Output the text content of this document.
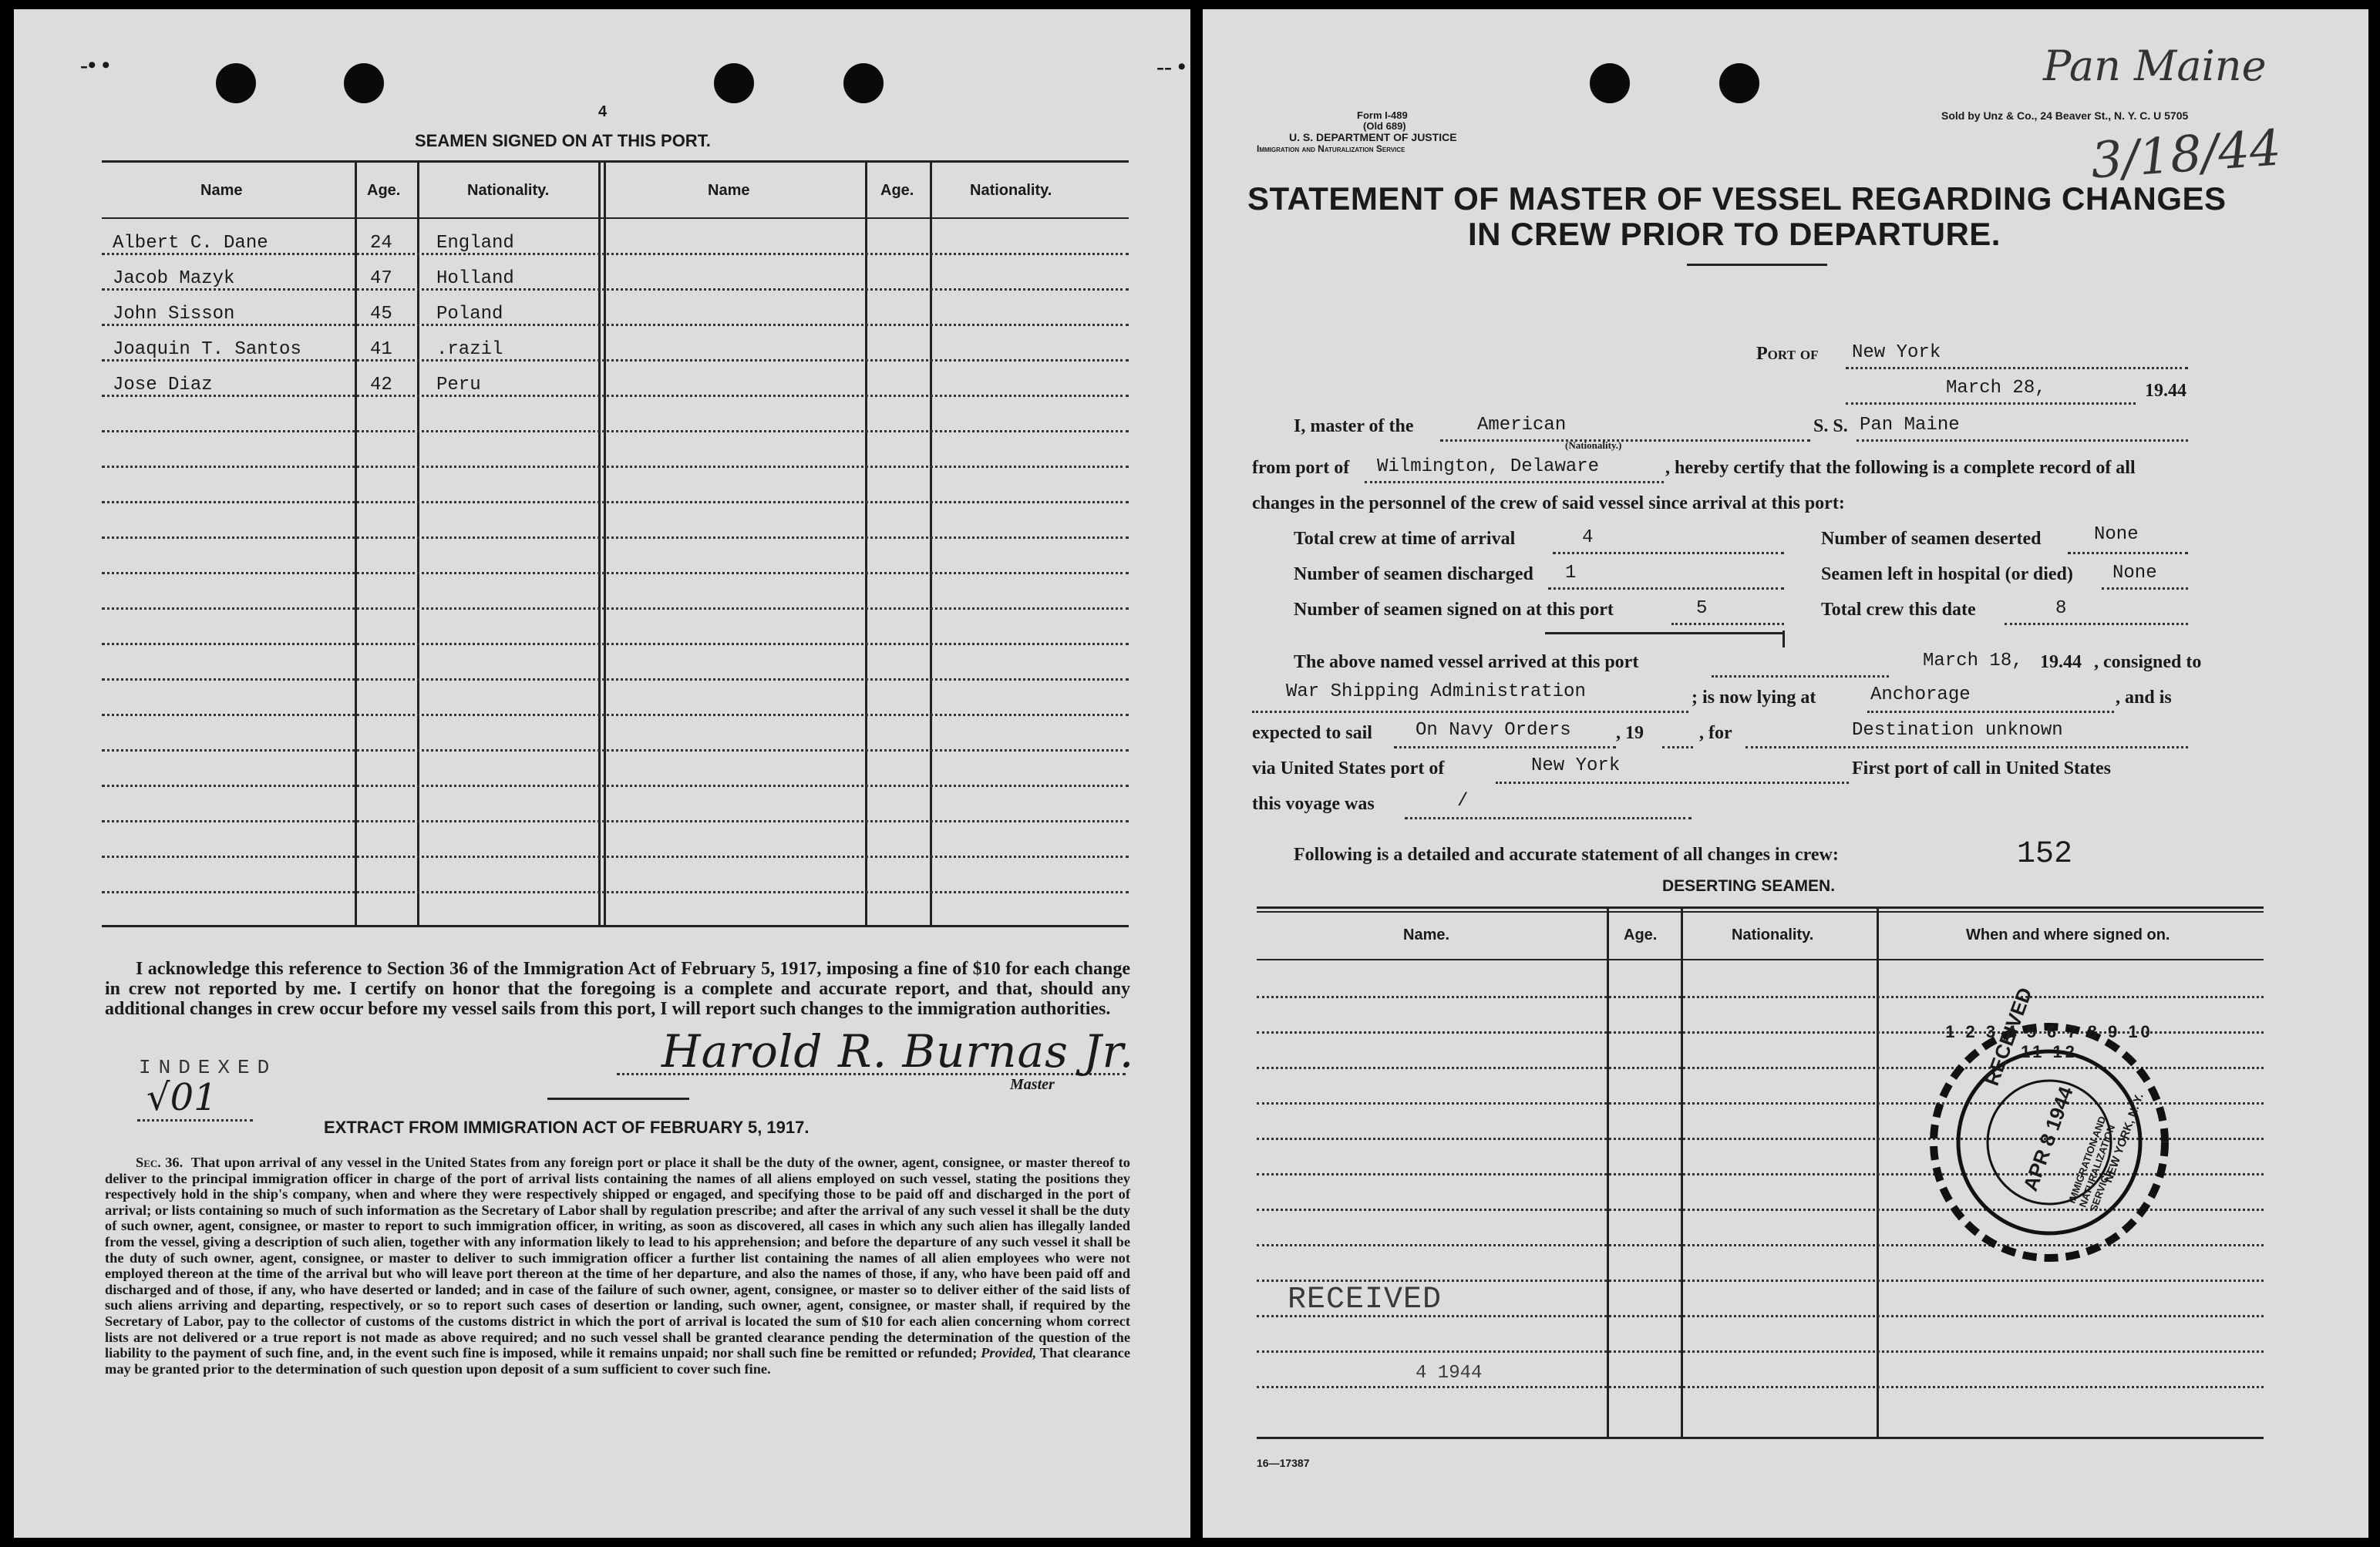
-• •
4
SEAMEN SIGNED ON AT THIS PORT.
Name	Age.	Nationality.	Name	Age.	Nationality.
Albert C. Dane	24 England
Jacob Mazyk	47 Holland
John Sisson	45 Poland
Joaquin T. Santos	41 .razil
Jose Diaz	42 Peru
I acknowledge this reference to Section 36 of the Immigration Act of February 5, 1917, imposing a fine of $10 for each change in crew not reported by me. I certify on honor that the foregoing is a complete and accurate report, and that, should any additional changes in crew occur before my vessel sails from this port, I will report such changes to the immigration authorities.
INDEXED
√01
Harold R. Burnas Jr.
Master
EXTRACT FROM IMMIGRATION ACT OF FEBRUARY 5, 1917.
Sec. 36. That upon arrival of any vessel in the United States from any foreign port or place it shall be the duty of the owner, agent, consignee, or master thereof to deliver to the principal immigration officer in charge of the port of arrival lists containing the names of all aliens employed on such vessel, stating the positions they respectively hold in the ship's company, when and where they were respectively shipped or engaged, and specifying those to be paid off and discharged in the port of arrival; or lists containing so much of such information as the Secretary of Labor shall by regulation prescribe; and after the arrival of any such vessel it shall be the duty of such owner, agent, consignee, or master to report to such immigration officer, in writing, as soon as discovered, all cases in which any such alien has illegally landed from the vessel, giving a description of such alien, together with any information likely to lead to his apprehension; and before the departure of any such vessel it shall be the duty of such owner, agent, consignee, or master to deliver to such immigration officer a further list containing the names of all alien employees who were not employed thereon at the time of the arrival but who will leave port thereon at the time of her departure, and also the names of those, if any, who have been paid off and discharged and of those, if any, who have deserted or landed; and in case of the failure of such owner, agent, consignee, or master so to deliver either of the said lists of such aliens arriving and departing, respectively, or so to report such cases of desertion or landing, such owner, agent, consignee, or master shall, if required by the Secretary of Labor, pay to the collector of customs of the customs district in which the port of arrival is located the sum of $10 for each alien concerning whom correct lists are not delivered or a true report is not made as above required; and no such vessel shall be granted clearance pending the determination of the question of the liability to the payment of such fine, and, in the event such fine is imposed, while it remains unpaid; nor shall such fine be remitted or refunded; Provided, That clearance may be granted prior to the determination of such question upon deposit of a sum sufficient to cover such fine.
-- •
Form I-489
(Old 689)
U. S. DEPARTMENT OF JUSTICE
Immigration and Naturalization Service
Sold by Unz & Co., 24 Beaver St., N. Y. C. U 5705
Pan Maine
3/18/44
STATEMENT OF MASTER OF VESSEL REGARDING CHANGES
IN CREW PRIOR TO DEPARTURE.
Port of New York
March 28,	19.44
I, master of the	American
(Nationality.)
S. S. Pan Maine
from port of Wilmington, Delaware	, hereby certify that the following is a complete record of all
changes in the personnel of the crew of said vessel since arrival at this port:
Total crew at time of arrival	4	Number of seamen deserted	None
Number of seamen discharged 1	Seamen left in hospital (or died) None
Number of seamen signed on at this port	5	Total crew this date	8
The above named vessel arrived at this port	March 18, 19.44 , consigned to
War Shipping Administration	; is now lying at	Anchorage	, and is
expected to sail On Navy Orders , 19	, for	Destination unknown
via United States port of	New York	First port of call in United States
this voyage was	/
Following is a detailed and accurate statement of all changes in crew:	152
DESERTING SEAMEN.
Name.	Age.	Nationality.	When and where signed on.
RECEIVED
4 1944
1 2 3 4 5 6 7 8 9 10 11 12
RECEIVED
APR 8 1944
IMMIGRATION AND NATURALIZATION SERVICE
NEW YORK, N. Y.
16—17387
